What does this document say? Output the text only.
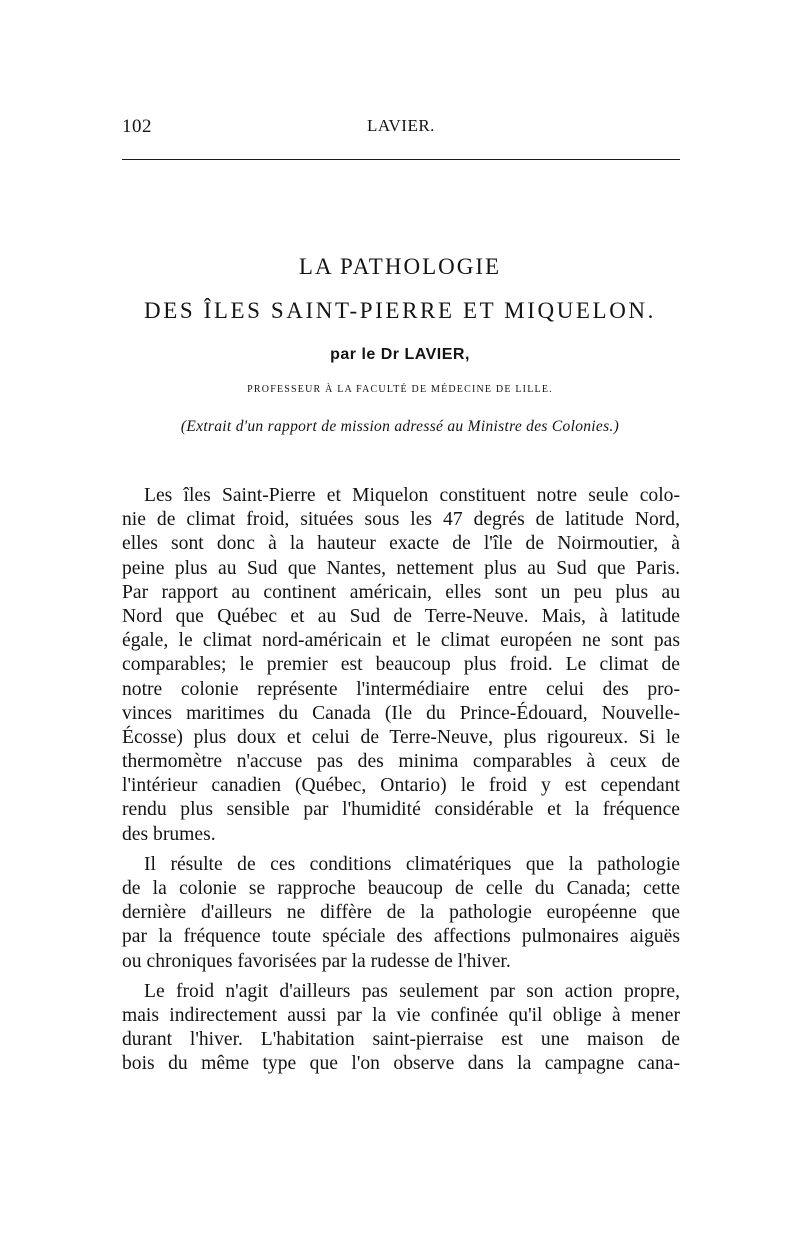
102	LAVIER.
LA PATHOLOGIE
DES ÎLES SAINT-PIERRE ET MIQUELON.
par le Dr LAVIER,
PROFESSEUR À LA FACULTÉ DE MÉDECINE DE LILLE.
(Extrait d'un rapport de mission adressé au Ministre des Colonies.)
Les îles Saint-Pierre et Miquelon constituent notre seule colo-
nie de climat froid, situées sous les 47 degrés de latitude Nord,
elles sont donc à la hauteur exacte de l'île de Noirmoutier, à
peine plus au Sud que Nantes, nettement plus au Sud que Paris.
Par rapport au continent américain, elles sont un peu plus au
Nord que Québec et au Sud de Terre-Neuve. Mais, à latitude
égale, le climat nord-américain et le climat européen ne sont pas
comparables; le premier est beaucoup plus froid. Le climat de
notre colonie représente l'intermédiaire entre celui des pro-
vinces maritimes du Canada (Ile du Prince-Édouard, Nouvelle-
Écosse) plus doux et celui de Terre-Neuve, plus rigoureux. Si le
thermomètre n'accuse pas des minima comparables à ceux de
l'intérieur canadien (Québec, Ontario) le froid y est cependant
rendu plus sensible par l'humidité considérable et la fréquence
des brumes.
Il résulte de ces conditions climatériques que la pathologie
de la colonie se rapproche beaucoup de celle du Canada; cette
dernière d'ailleurs ne diffère de la pathologie européenne que
par la fréquence toute spéciale des affections pulmonaires aiguës
ou chroniques favorisées par la rudesse de l'hiver.
Le froid n'agit d'ailleurs pas seulement par son action propre,
mais indirectement aussi par la vie confinée qu'il oblige à mener
durant l'hiver. L'habitation saint-pierraise est une maison de
bois du même type que l'on observe dans la campagne cana-
